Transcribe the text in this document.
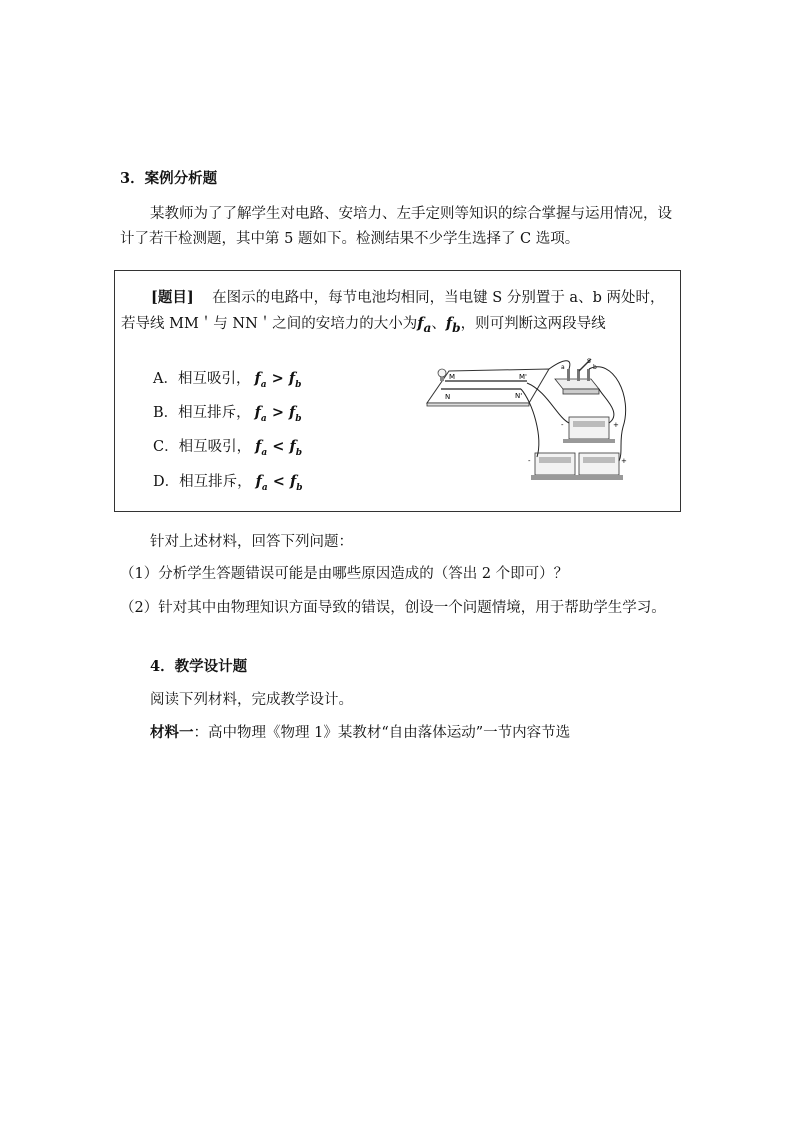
3．案例分析题

某教师为了了解学生对电路、安培力、左手定则等知识的综合掌握与运用情况，设计了若干检测题，其中第 5 题如下。检测结果不少学生选择了 C 选项。

[题目] 在图示的电路中，每节电池均相同，当电键 S 分别置于 a、b 两处时，若导线 MM＇与 NN＇之间的安培力的大小为$f_a$、$f_b$，则可判断这两段导线

A．相互吸引， $f_a > f_b$

B．相互排斥， $f_a > f_b$

C．相互吸引， $f_a < f_b$

D．相互排斥， $f_a < f_b$

M	M'
N	N'
S
a	b
+
-
-	+

针对上述材料，回答下列问题：

（1）分析学生答题错误可能是由哪些原因造成的（答出 2 个即可）？

（2）针对其中由物理知识方面导致的错误，创设一个问题情境，用于帮助学生学习。

4．教学设计题

阅读下列材料，完成教学设计。

材料一：高中物理《物理 1》某教材“自由落体运动”一节内容节选
